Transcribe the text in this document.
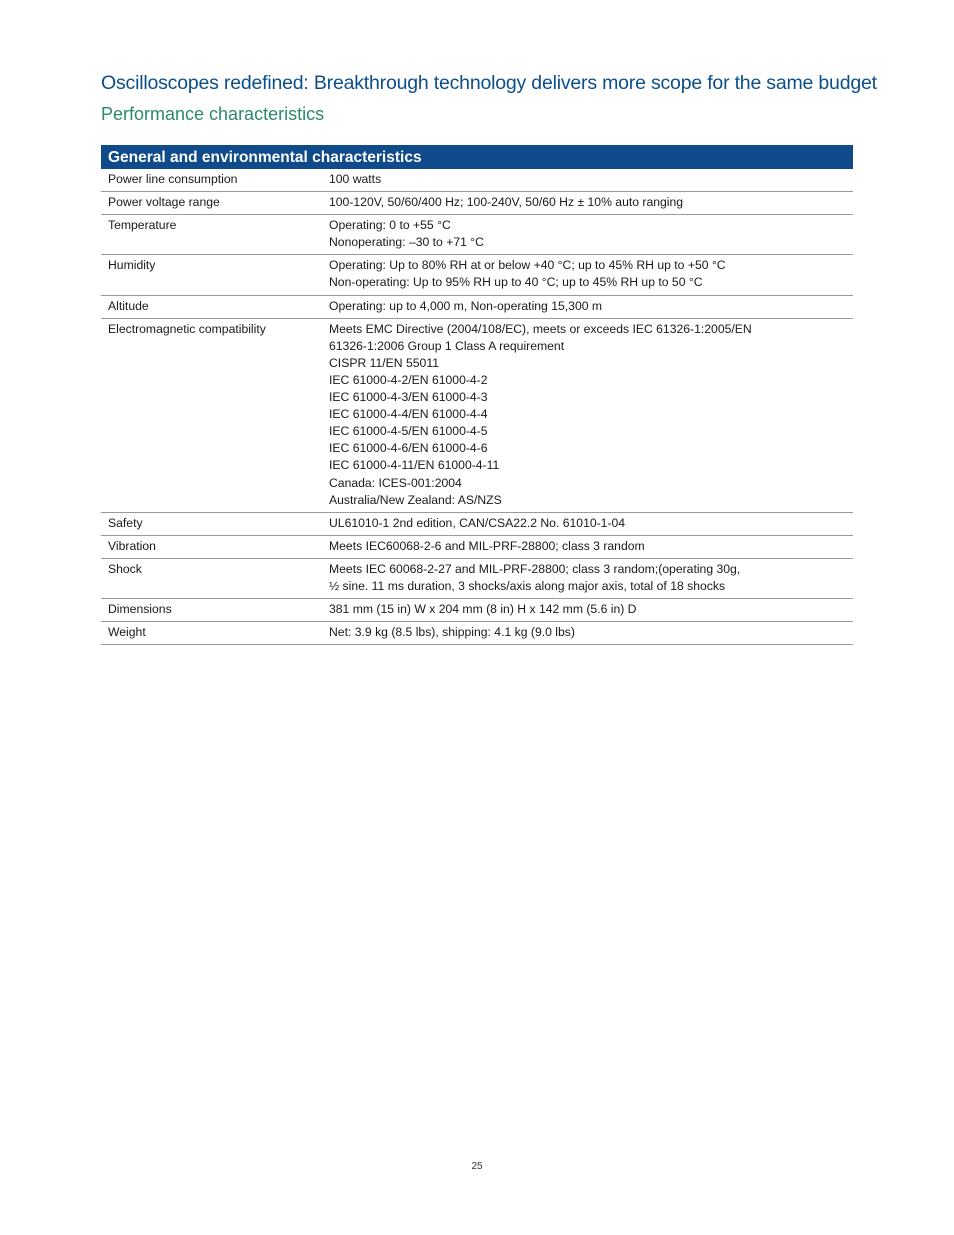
Oscilloscopes redefined: Breakthrough technology delivers more scope for the same budget
Performance characteristics
General and environmental characteristics
Power line consumption	100 watts
Power voltage range	100-120V, 50/60/400 Hz; 100-240V, 50/60 Hz ± 10% auto ranging
Temperature	Operating: 0 to +55 °C
Nonoperating: –30 to +71 °C
Humidity	Operating: Up to 80% RH at or below +40 °C; up to 45% RH up to +50 °C
Non-operating: Up to 95% RH up to 40 °C; up to 45% RH up to 50 °C
Altitude	Operating: up to 4,000 m, Non-operating 15,300 m
Electromagnetic compatibility	Meets EMC Directive (2004/108/EC), meets or exceeds IEC 61326-1:2005/EN
61326-1:2006 Group 1 Class A requirement
CISPR 11/EN 55011
IEC 61000-4-2/EN 61000-4-2
IEC 61000-4-3/EN 61000-4-3
IEC 61000-4-4/EN 61000-4-4
IEC 61000-4-5/EN 61000-4-5
IEC 61000-4-6/EN 61000-4-6
IEC 61000-4-11/EN 61000-4-11
Canada: ICES-001:2004
Australia/New Zealand: AS/NZS
Safety	UL61010-1 2nd edition, CAN/CSA22.2 No. 61010-1-04
Vibration	Meets IEC60068-2-6 and MIL-PRF-28800; class 3 random
Shock	Meets IEC 60068-2-27 and MIL-PRF-28800; class 3 random;(operating 30g,
½ sine. 11 ms duration, 3 shocks/axis along major axis, total of 18 shocks
Dimensions	381 mm (15 in) W x 204 mm (8 in) H x 142 mm (5.6 in) D
Weight	Net: 3.9 kg (8.5 lbs), shipping: 4.1 kg (9.0 lbs)
25
